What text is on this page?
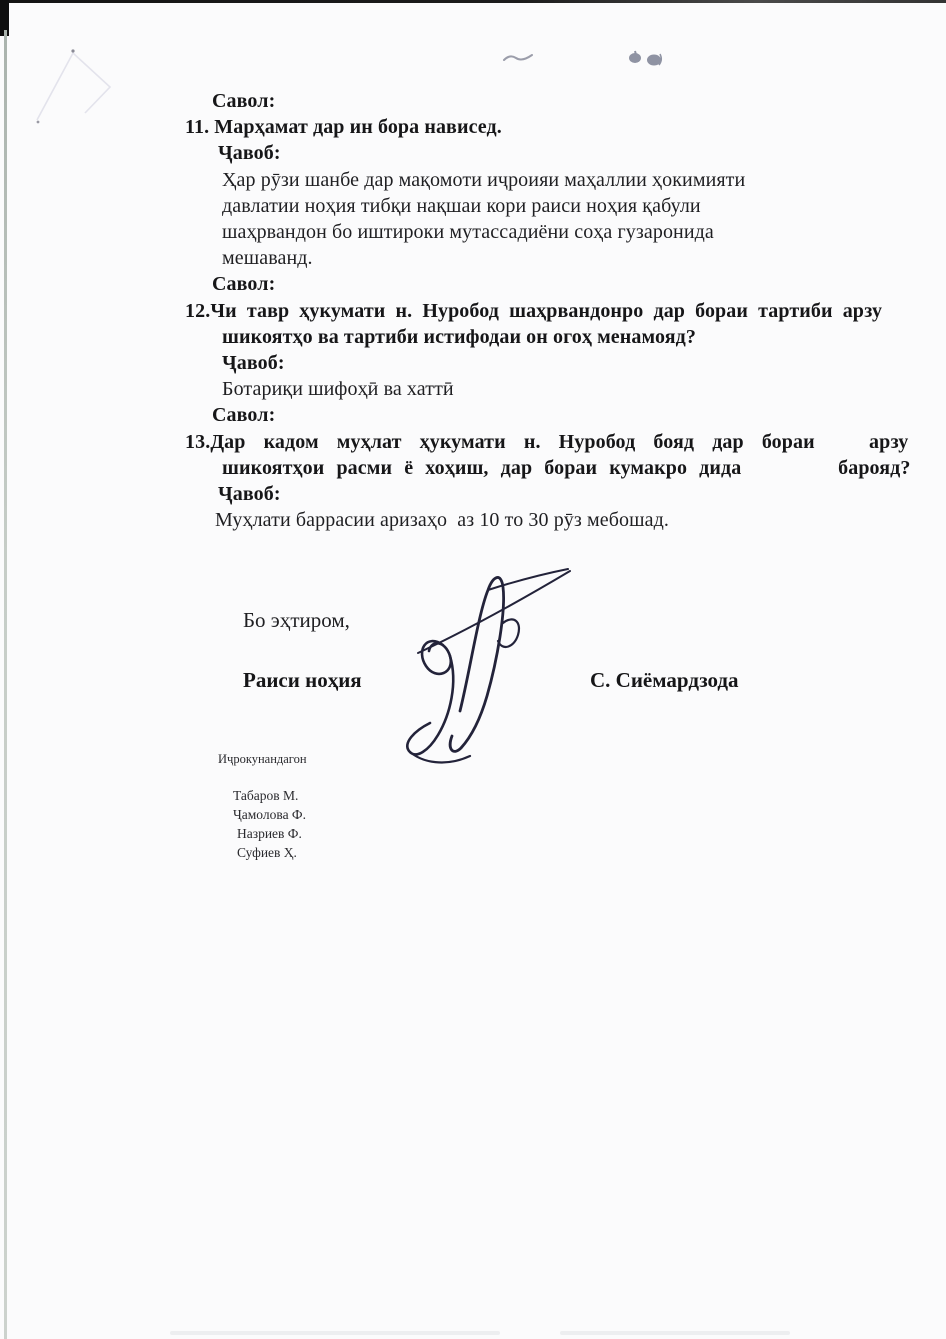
Савол:
11. Марҳамат дар ин бора нависед.
Ҷавоб:
Ҳар рӯзи шанбе дар мақомоти иҷроияи маҳаллии ҳокимияти
давлатии ноҳия тибқи нақшаи кори раиси ноҳия қабули
шаҳрвандон бо иштироки мутассадиёни соҳа гузаронида
мешаванд.
Савол:
12.Чи тавр ҳукумати н. Нуробод шаҳрвандонро дар бораи тартиби арзу
шикоятҳо ва тартиби истифодаи он огоҳ менамояд?
Ҷавоб:
Ботариқи шифоҳӣ ва хаттӣ
Савол:
13.Дар кадом муҳлат ҳукумати н. Нуробод бояд дар бораи   арзу
шикоятҳои расми ё хоҳиш, дар бораи кумакро дида        барояд?
Ҷавоб:
Муҳлати баррасии аризаҳо  аз 10 то 30 рӯз мебошад.
Бо эҳтиром,
Раиси ноҳия	С. Сиёмардзода
Иҷрокунандагон
Табаров М.
Ҷамолова Ф.
Назриев Ф.
Суфиев Ҳ.
